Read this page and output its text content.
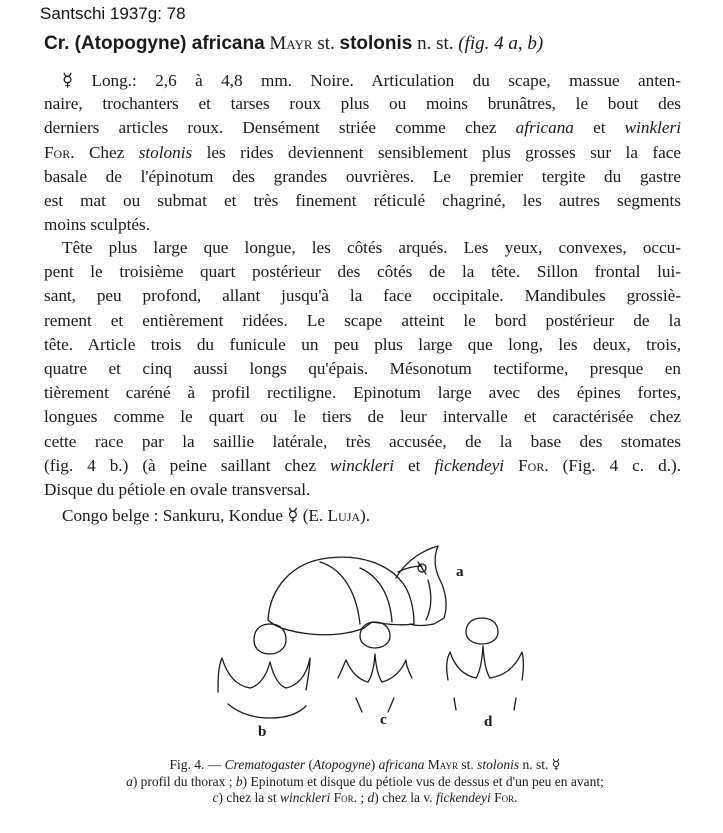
Santschi 1937g: 78
Cr. (Atopogyne) africana Mayr st. stolonis n. st. (fig. 4 a, b)
☿ Long.: 2,6 à 4,8 mm. Noire. Articulation du scape, massue anten-
naire, trochanters et tarses roux plus ou moins brunâtres, le bout des
derniers articles roux. Densément striée comme chez africana et winkleri
For. Chez stolonis les rides deviennent sensiblement plus grosses sur la face
basale de l'épinotum des grandes ouvrières. Le premier tergite du gastre
est mat ou submat et très finement réticulé chagriné, les autres segments
moins sculptés.
Tête plus large que longue, les côtés arqués. Les yeux, convexes, occu-
pent le troisième quart postérieur des côtés de la tête. Sillon frontal lui-
sant, peu profond, allant jusqu'à la face occipitale. Mandibules grossiè-
rement et entièrement ridées. Le scape atteint le bord postérieur de la
tête. Article trois du funicule un peu plus large que long, les deux, trois,
quatre et cinq aussi longs qu'épais. Mésonotum tectiforme, presque en
tièrement caréné à profil rectiligne. Epinotum large avec des épines fortes,
longues comme le quart ou le tiers de leur intervalle et caractérisée chez
cette race par la saillie latérale, très accusée, de la base des stomates
(fig. 4 b.) (à peine saillant chez winckleri et fickendeyi For. (Fig. 4 c. d.).
Disque du pétiole en ovale transversal.
Congo belge : Sankuru, Kondue ☿ (E. Luja).
a
b
c	d
Fig. 4. — Crematogaster (Atopogyne) africana Mayr st. stolonis n. st. ☿
a) profil du thorax ; b) Epinotum et disque du pétiole vus de dessus et d'un peu en avant;
c) chez la st winckleri For. ; d) chez la v. fickendeyi For.
